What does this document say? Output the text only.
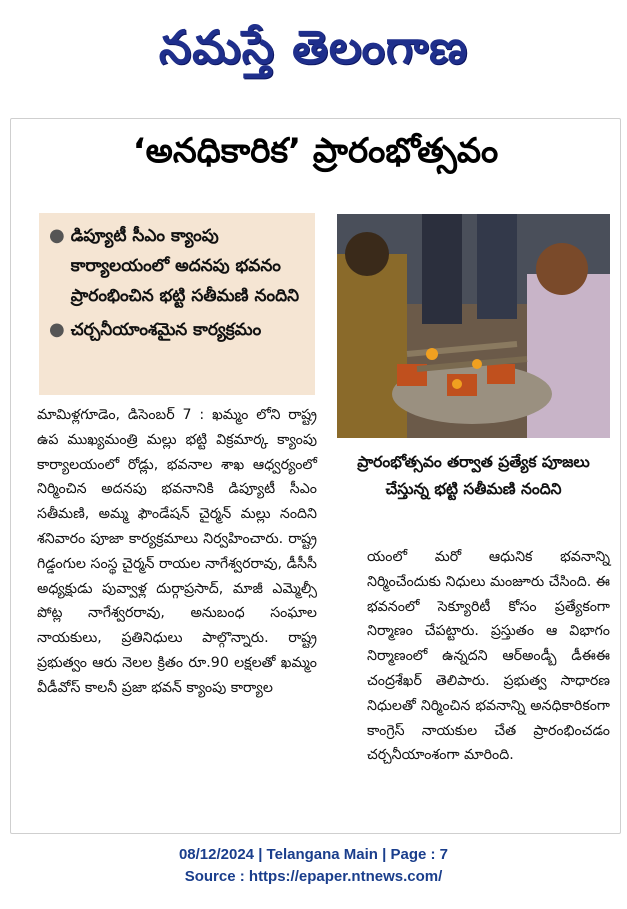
నమస్తే తెలంగాణ
‘అనధికారిక’ ప్రారంభోత్సవం
● డిప్యూటీ సీఎం క్యాంపు కార్యాలయంలో అదనపు భవనం ప్రారంభించిన భట్టి సతీమణి నందిని
● చర్చనీయాంశమైన కార్యక్రమం
ప్రారంభోత్సవం తర్వాత ప్రత్యేక పూజలు చేస్తున్న భట్టి సతీమణి నందిని

మామిళ్లగూడెం, డిసెంబర్ 7 : ఖమ్మం లోని రాష్ట్ర ఉప ముఖ్యమంత్రి మల్లు భట్టి విక్రమార్క క్యాంపు కార్యాలయంలో రోడ్లు, భవనాల శాఖ ఆధ్వర్యంలో నిర్మించిన అదనపు భవనానికి డిప్యూటీ సీఎం సతీమణి, అమ్మ ఫౌండేషన్ చైర్మన్ మల్లు నందిని శనివారం పూజా కార్యక్రమాలు నిర్వహించారు. రాష్ట్ర గిడ్డంగుల సంస్థ చైర్మన్ రాయల నాగేశ్వరరావు, డీసీసీ అధ్యక్షుడు పువ్వాళ్ల దుర్గాప్రసాద్, మాజీ ఎమ్మెల్సీ పోట్ల నాగేశ్వరరావు, అనుబంధ సంఘాల నాయకులు, ప్రతినిధులు పాల్గొన్నారు. రాష్ట్ర ప్రభుత్వం ఆరు నెలల క్రితం రూ.90 లక్షలతో ఖమ్మం వీడీవోస్ కాలనీ ప్రజా భవన్ క్యాంపు కార్యాల

యంలో మరో ఆధునిక భవనాన్ని నిర్మించేందుకు నిధులు మంజూరు చేసింది. ఈ భవనంలో సెక్యూరిటీ కోసం ప్రత్యేకంగా నిర్మాణం చేపట్టారు. ప్రస్తుతం ఆ విభాగం నిర్మాణంలో ఉన్నదని ఆర్అండ్బీ డీఈఈ చంద్రశేఖర్ తెలిపారు. ప్రభుత్వ సాధారణ నిధులతో నిర్మించిన భవనాన్ని అనధికారికంగా కాంగ్రెస్ నాయకుల చేత ప్రారంభించడం చర్చనీయాంశంగా మారింది.

08/12/2024 | Telangana Main | Page : 7
Source : https://epaper.ntnews.com/
